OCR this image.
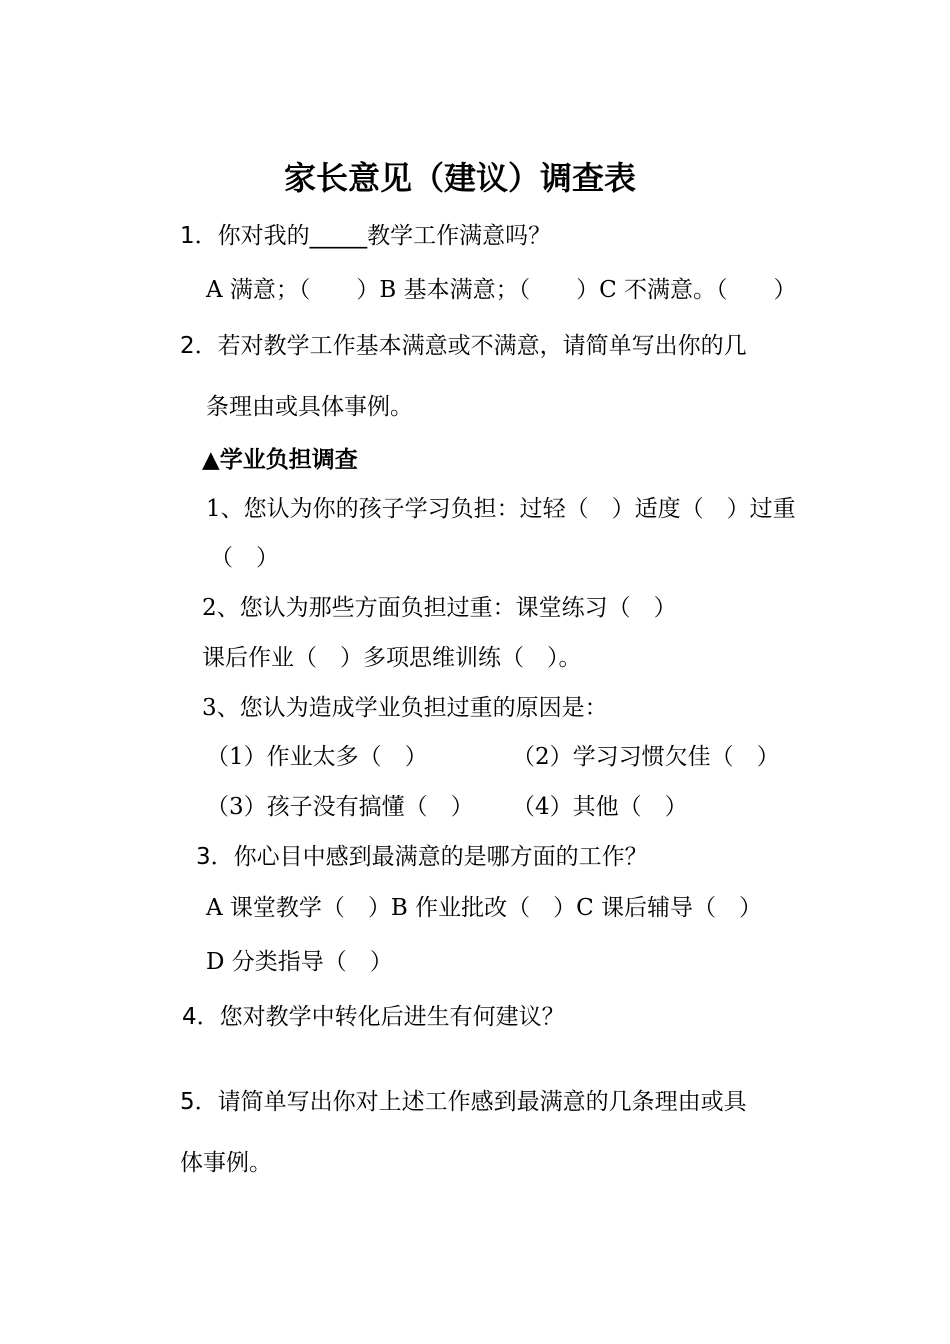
家长意见（建议）调查表
1．你对我的_____教学工作满意吗？
A 满意；（　　）B 基本满意；（　　）C 不满意。（　　）
2．若对教学工作基本满意或不满意，请简单写出你的几
条理由或具体事例。
▲学业负担调查
1、您认为你的孩子学习负担：过轻（　）适度（　）过重
（　）
2、您认为那些方面负担过重：课堂练习（　）
课后作业（　）多项思维训练（　）。
3、您认为造成学业负担过重的原因是：
（1）作业太多（　）	（2）学习习惯欠佳（　）
（3）孩子没有搞懂（　） （4）其他（　）
3．你心目中感到最满意的是哪方面的工作？
A 课堂教学（　）B 作业批改（　）C 课后辅导（　）
D 分类指导（　）
4．您对教学中转化后进生有何建议？
5．请简单写出你对上述工作感到最满意的几条理由或具
体事例。
